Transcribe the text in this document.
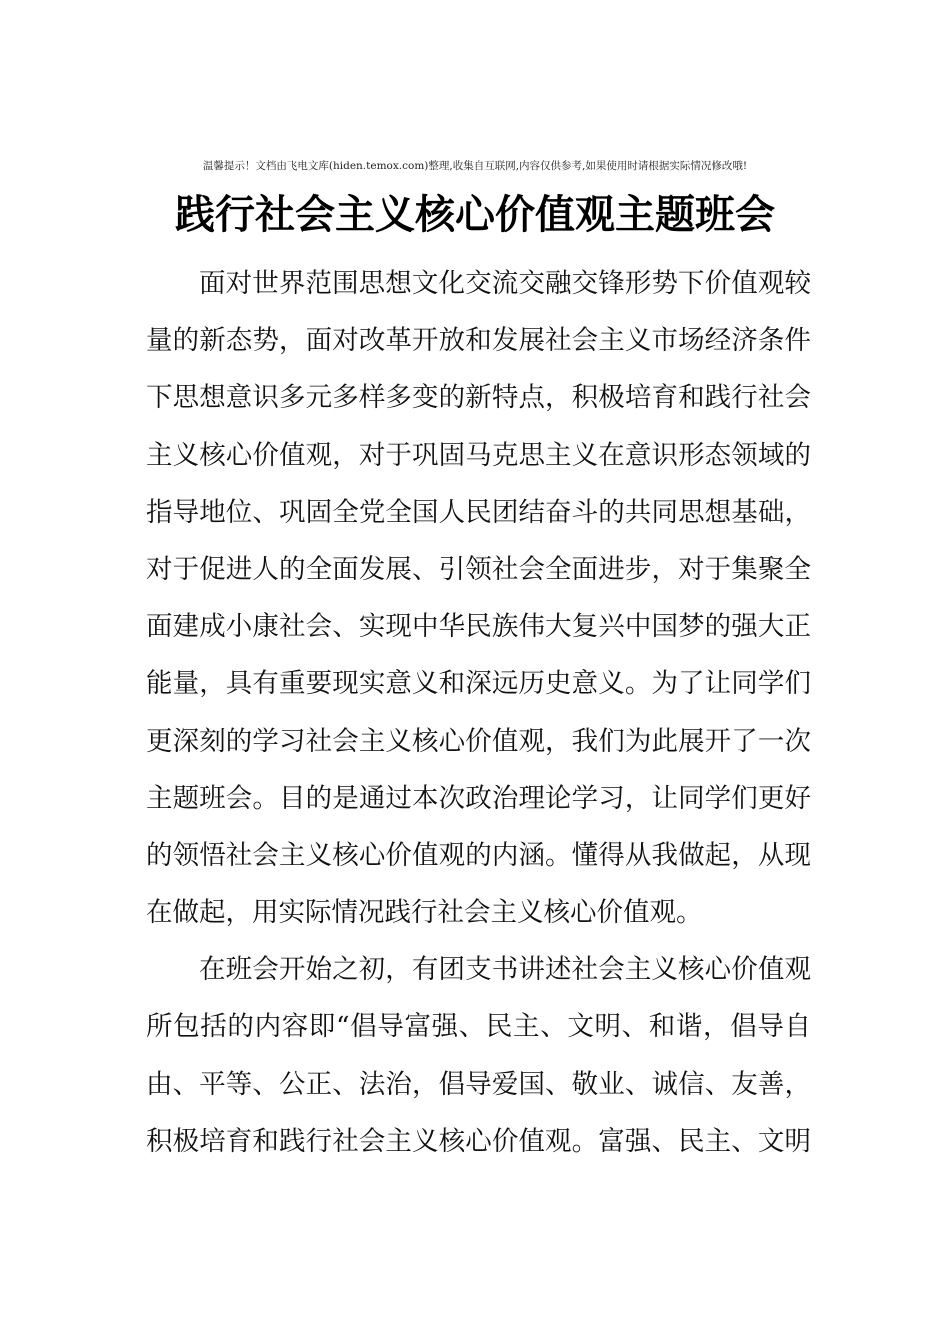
温馨提示！文档由飞电文库(hiden.temox.com)整理,收集自互联网,内容仅供参考,如果使用时请根据实际情况修改哦!
践行社会主义核心价值观主题班会
面对世界范围思想文化交流交融交锋形势下价值观较
量的新态势，面对改革开放和发展社会主义市场经济条件
下思想意识多元多样多变的新特点，积极培育和践行社会
主义核心价值观，对于巩固马克思主义在意识形态领域的
指导地位、巩固全党全国人民团结奋斗的共同思想基础，
对于促进人的全面发展、引领社会全面进步，对于集聚全
面建成小康社会、实现中华民族伟大复兴中国梦的强大正
能量，具有重要现实意义和深远历史意义。为了让同学们
更深刻的学习社会主义核心价值观，我们为此展开了一次
主题班会。目的是通过本次政治理论学习，让同学们更好
的领悟社会主义核心价值观的内涵。懂得从我做起，从现
在做起，用实际情况践行社会主义核心价值观。
在班会开始之初，有团支书讲述社会主义核心价值观
所包括的内容即“倡导富强、民主、文明、和谐，倡导自
由、平等、公正、法治，倡导爱国、敬业、诚信、友善，
积极培育和践行社会主义核心价值观。富强、民主、文明
